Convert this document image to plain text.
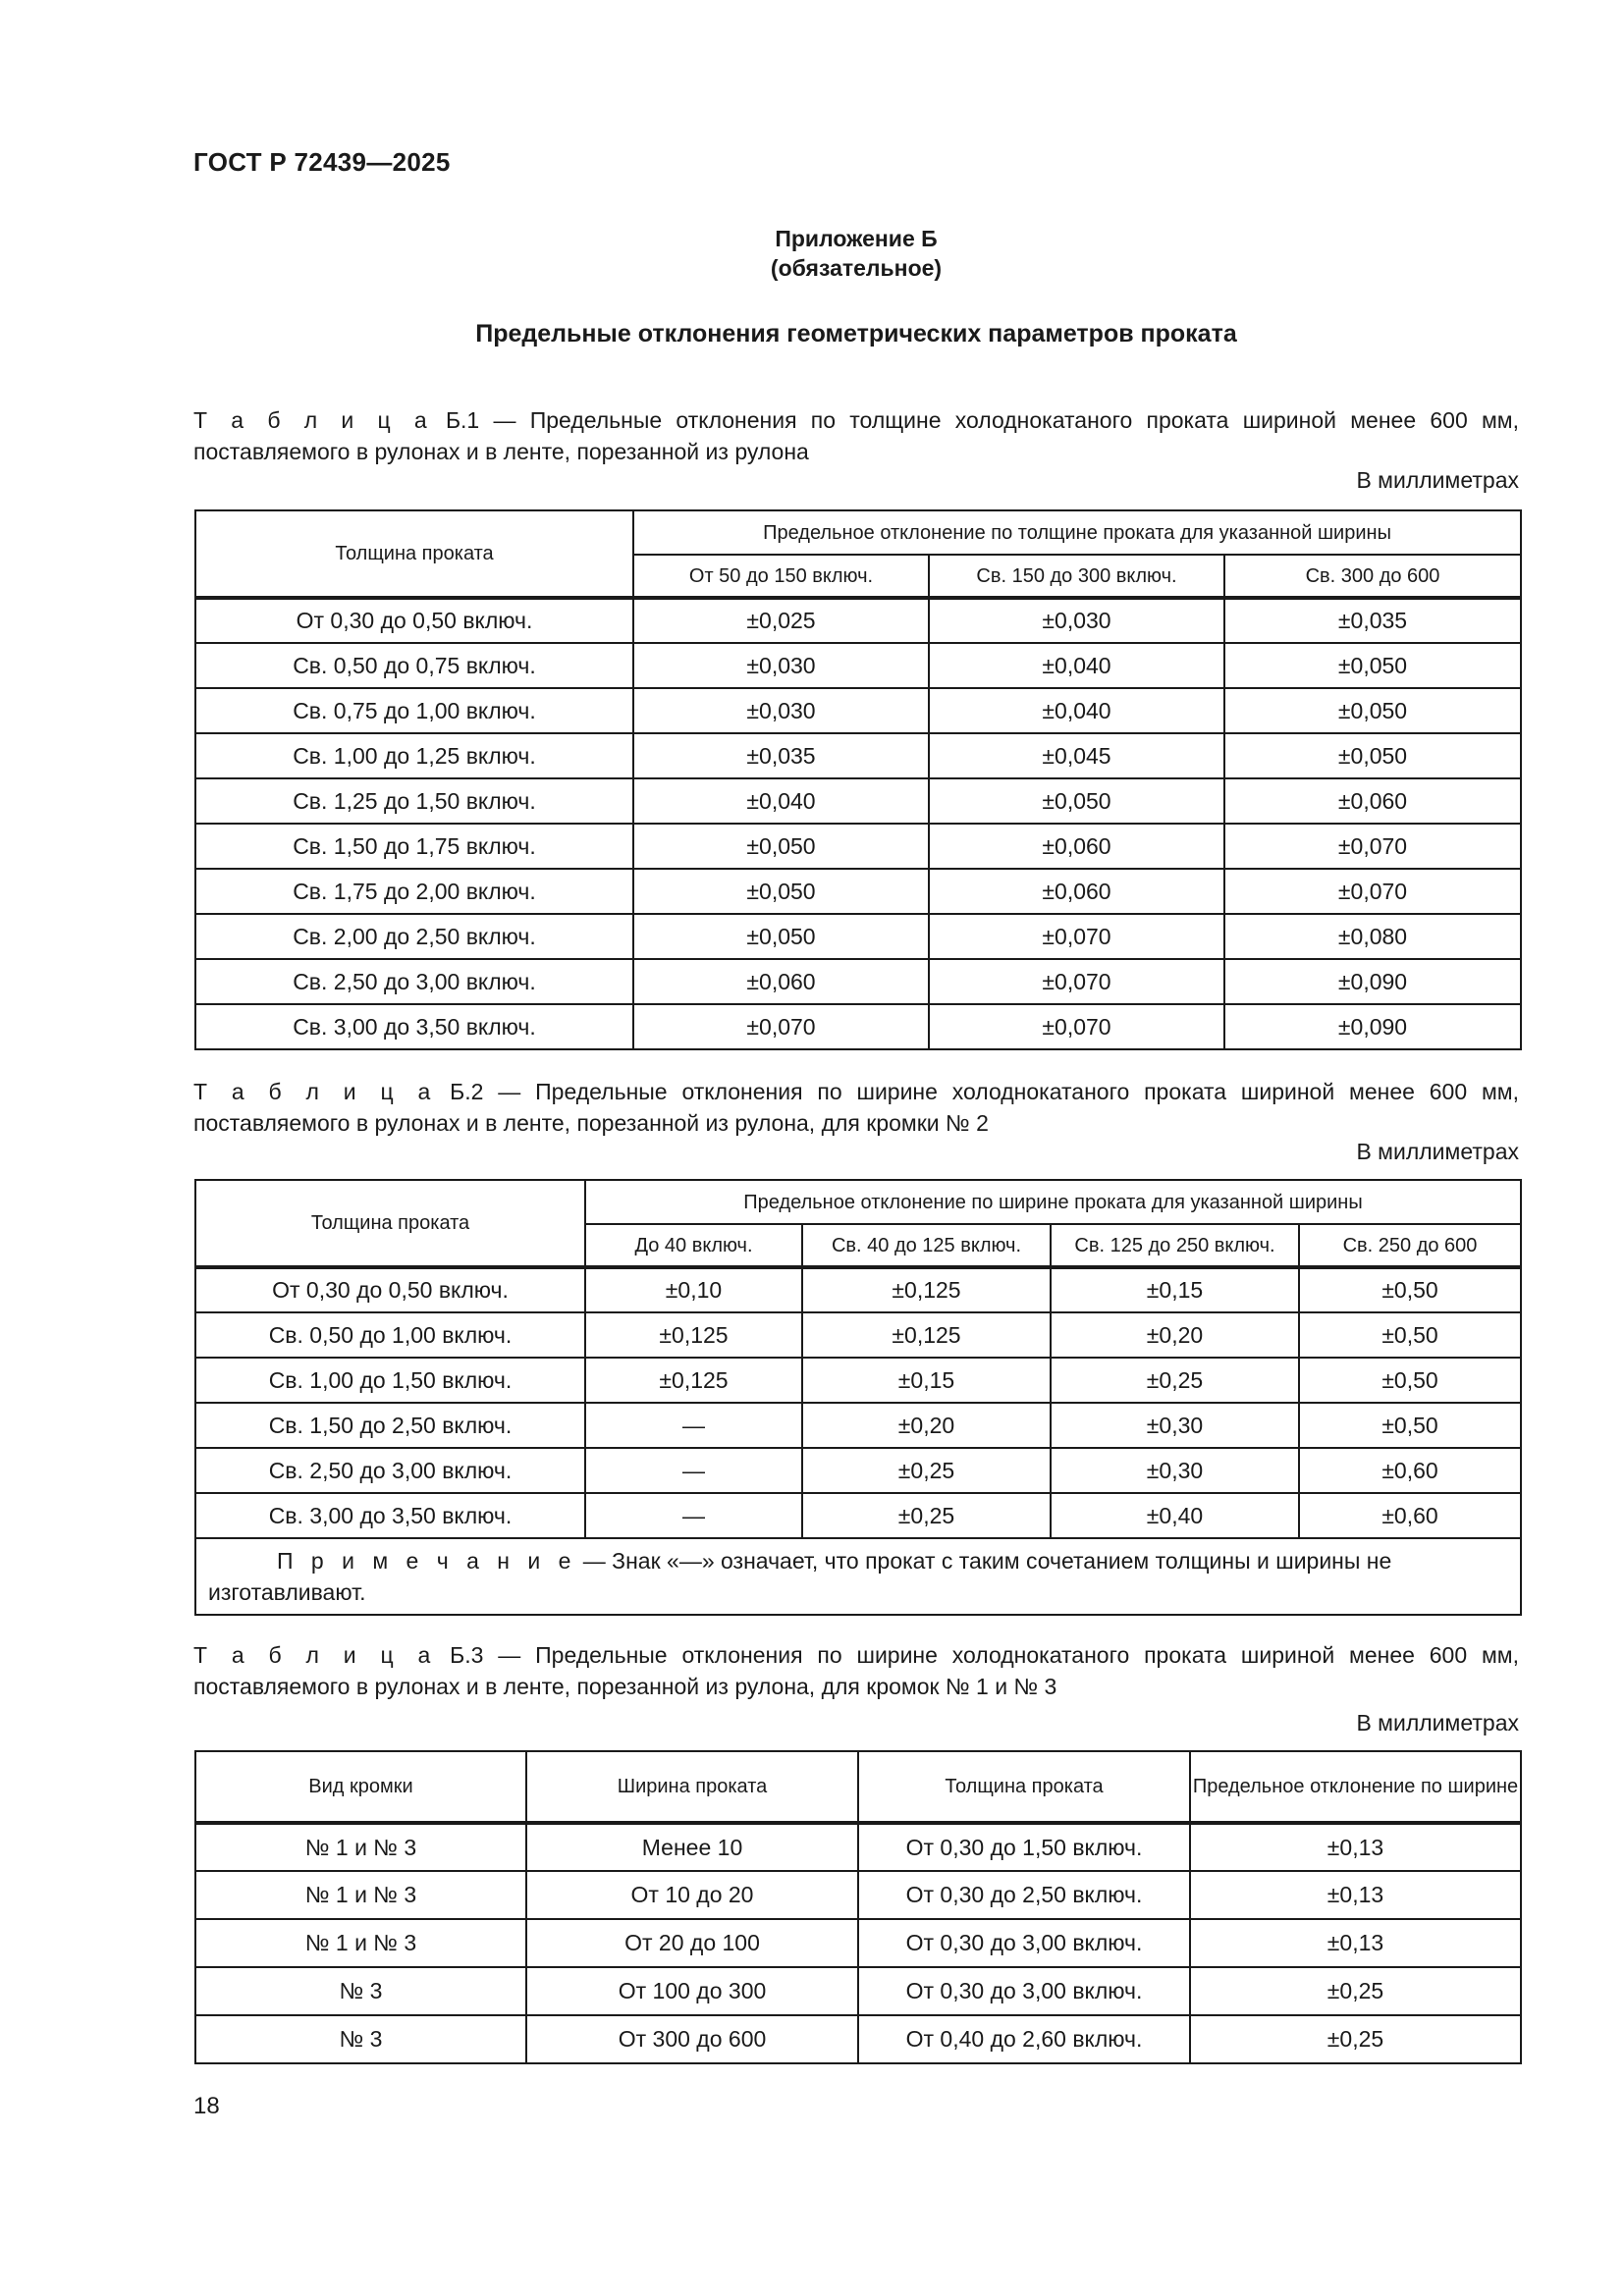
ГОСТ Р 72439—2025
Приложение Б
(обязательное)
Предельные отклонения геометрических параметров проката
Т а б л и ц а Б.1 — Предельные отклонения по толщине холоднокатаного проката шириной менее 600 мм, поставляемого в рулонах и в ленте, порезанной из рулона
В миллиметрах
Толщина проката	Предельное отклонение по толщине проката для указанной ширины		
	От 50 до 150 включ.	Св. 150 до 300 включ.	Св. 300 до 600
От 0,30 до 0,50 включ.	±0,025	±0,030	±0,035
Св. 0,50 до 0,75 включ.	±0,030	±0,040	±0,050
Св. 0,75 до 1,00 включ.	±0,030	±0,040	±0,050
Св. 1,00 до 1,25 включ.	±0,035	±0,045	±0,050
Св. 1,25 до 1,50 включ.	±0,040	±0,050	±0,060
Св. 1,50 до 1,75 включ.	±0,050	±0,060	±0,070
Св. 1,75 до 2,00 включ.	±0,050	±0,060	±0,070
Св. 2,00 до 2,50 включ.	±0,050	±0,070	±0,080
Св. 2,50 до 3,00 включ.	±0,060	±0,070	±0,090
Св. 3,00 до 3,50 включ.	±0,070	±0,070	±0,090
Т а б л и ц а Б.2 — Предельные отклонения по ширине холоднокатаного проката шириной менее 600 мм, поставляемого в рулонах и в ленте, порезанной из рулона, для кромки № 2
В миллиметрах
Толщина проката	Предельное отклонение по ширине проката для указанной ширины			
	До 40 включ.	Св. 40 до 125 включ.	Св. 125 до 250 включ.	Св. 250 до 600
От 0,30 до 0,50 включ.	±0,10	±0,125	±0,15	±0,50
Св. 0,50 до 1,00 включ.	±0,125	±0,125	±0,20	±0,50
Св. 1,00 до 1,50 включ.	±0,125	±0,15	±0,25	±0,50
Св. 1,50 до 2,50 включ.	—	±0,20	±0,30	±0,50
Св. 2,50 до 3,00 включ.	—	±0,25	±0,30	±0,60
Св. 3,00 до 3,50 включ.	—	±0,25	±0,40	±0,60
П р и м е ч а н и е — Знак «—» означает, что прокат с таким сочетанием толщины и ширины не изготавливают.				
Т а б л и ц а Б.3 — Предельные отклонения по ширине холоднокатаного проката шириной менее 600 мм, поставляемого в рулонах и в ленте, порезанной из рулона, для кромок № 1 и № 3
В миллиметрах
Вид кромки	Ширина проката	Толщина проката	Предельное отклонение по ширине
№ 1 и № 3	Менее 10	От 0,30 до 1,50 включ.	±0,13
№ 1 и № 3	От 10 до 20	От 0,30 до 2,50 включ.	±0,13
№ 1 и № 3	От 20 до 100	От 0,30 до 3,00 включ.	±0,13
№ 3	От 100 до 300	От 0,30 до 3,00 включ.	±0,25
№ 3	От 300 до 600	От 0,40 до 2,60 включ.	±0,25
18
